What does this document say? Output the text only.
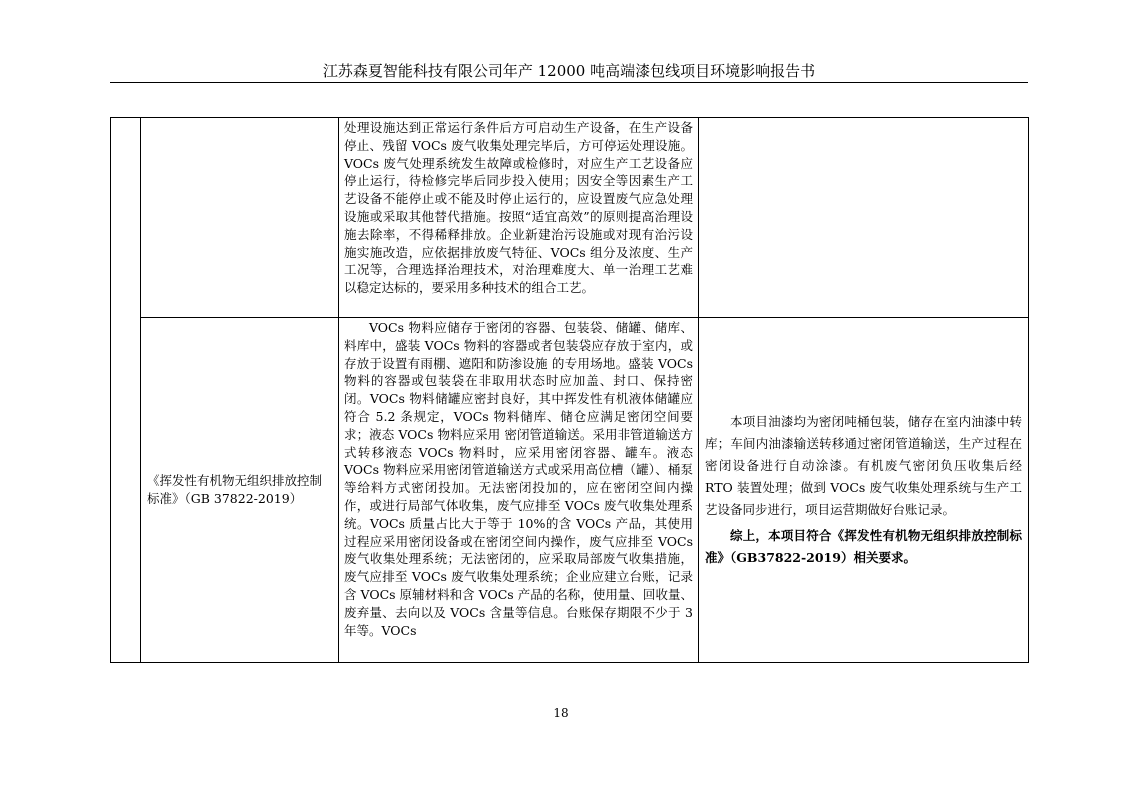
江苏森夏智能科技有限公司年产 12000 吨高端漆包线项目环境影响报告书

		处理设施达到正常运行条件后方可启动生产设备，在生产设备停止、残留 VOCs 废气收集处理完毕后，方可停运处理设施。VOCs 废气处理系统发生故障或检修时，对应生产工艺设备应停止运行，待检修完毕后同步投入使用；因安全等因素生产工艺设备不能停止或不能及时停止运行的，应设置废气应急处理设施或采取其他替代措施。按照“适宜高效”的原则提高治理设施去除率，不得稀释排放。企业新建治污设施或对现有治污设施实施改造，应依据排放废气特征、VOCs 组分及浓度、生产工况等，合理选择治理技术，对治理难度大、单一治理工艺难以稳定达标的，要采用多种技术的组合工艺。	

	《挥发性有机物无组织排放控制标准》（GB 37822-2019）	VOCs 物料应储存于密闭的容器、包装袋、储罐、储库、料库中，盛装 VOCs 物料的容器或者包装袋应存放于室内，或存放于设置有雨棚、遮阳和防渗设施 的专用场地。盛装 VOCs 物料的容器或包装袋在非取用状态时应加盖、封口、保持密闭。VOCs 物料储罐应密封良好，其中挥发性有机液体储罐应符合 5.2 条规定，VOCs 物料储库、储仓应满足密闭空间要求；液态 VOCs 物料应采用 密闭管道输送。采用非管道输送方式转移液态 VOCs 物料时，应采用密闭容器、罐车。液态 VOCs 物料应采用密闭管道输送方式或采用高位槽（罐）、桶泵等给料方式密闭投加。无法密闭投加的，应在密闭空间内操作，或进行局部气体收集，废气应排至 VOCs 废气收集处理系统。VOCs 质量占比大于等于 10%的含 VOCs 产品，其使用过程应采用密闭设备或在密闭空间内操作，废气应排至 VOCs 废气收集处理系统；无法密闭的，应采取局部废气收集措施，废气应排至 VOCs 废气收集处理系统；企业应建立台账，记录含 VOCs 原辅材料和含 VOCs 产品的名称，使用量、回收量、废弃量、去向以及 VOCs 含量等信息。台账保存期限不少于 3 年等。VOCs	本项目油漆均为密闭吨桶包装，储存在室内油漆中转库；车间内油漆输送转移通过密闭管道输送，生产过程在密闭设备进行自动涂漆。有机废气密闭负压收集后经 RTO 装置处理；做到 VOCs 废气收集处理系统与生产工艺设备同步进行，项目运营期做好台账记录。

综上，本项目符合《挥发性有机物无组织排放控制标准》（GB37822-2019）相关要求。

18
